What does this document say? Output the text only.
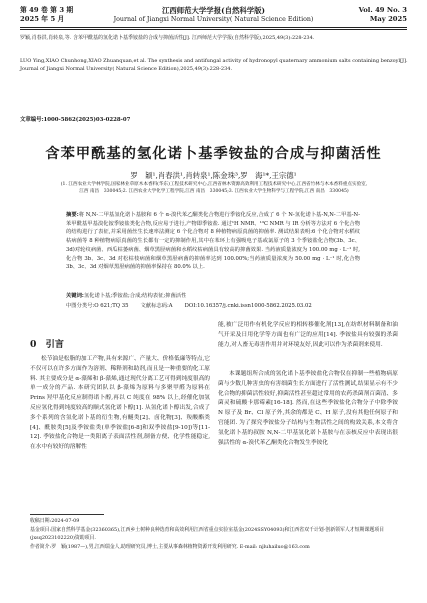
第 49 卷 第 3 期
2025 年 5 月
江西师范大学学报(自然科学版)
Journal of Jiangxi Normal University( Natural Science Edition)
Vol. 49 No. 3
May 2025
罗颖,肖春洪,肖转泉,等. 含苯甲酰基的氢化诺卜基季铵盐的合成与抑菌活性[J]. 江西师范大学学报(自然科学版),2025,49(3):228-234.
LUO Ying,XIAO Chunhong,XIAO Zhuanquan,et al. The synthesis and antifungal activity of hydronopyl quaternary ammonium salts containing benzoyl[J]. Journal of Jiangxi Normal University( Natural Science Edition),2025,49(3):228-234.
文章编号:1000-5862(2025)03-0228-07
含苯甲酰基的氢化诺卜基季铵盐的合成与抑菌活性
罗　颖¹,肖春洪¹,肖转泉¹,陈金珠³,罗　海¹*,王宗德¹
(1. 江西农业大学林学院,国家林业草原木本香料(华东)工程技术研究中心,江西省林木资源高效利用工程技术研究中心,江西省竹林与木本香料重点实验室,
江西 南昌　330045;2. 江西农业大学化学工程学院,江西 南昌　330045;3. 江西农业大学生物科学与工程学院,江西 南昌　330045)
摘要:将 N,N-二甲基氢化诺卜基胺和 6 个 α-溴代苯乙酮类化合物进行季铵化反应,合成了 6 个 N-氢化诺卜基-N,N-二甲基-N-苯甲酰基甲基溴化铵季铵盐类化合物,反应易于进行,产物即季铵盐. 通过¹H NMR、¹³C NMR 与 IR 分析等方法对 6 个化合物的结构进行了表征,并采用菌丝生长速率法测定 6 个化合物对 8 种植物病原真菌的抑菌率. 测试结果表明:6 个化合物对水稻纹枯病菌等 8 种植物病原真菌的生长都有一定的抑制作用,其中在苯环上有强吸电子基或氯原子的 3 个季铵盐化合物(3b、3c、3d)对轮纹病菌、西瓜枯萎病菌、烟草黑胫病菌和水稻纹枯病菌具有较高的抑菌效果. 当药液质量浓度为 100.00 mg · L⁻¹ 时,化合物 3b、3c、3d 对松枯枝病菌和烟草黑胫病菌的抑菌率达到 100.00%;当药液质量浓度为 50.00 mg · L⁻¹ 时,化合物 3b、3c、3d 对烟草黑胫病菌的抑菌率保持在 80.0% 以上.
关键词:氢化诺卜基;季铵盐;合成;结构表征;抑菌活性
中图分类号:O 621;TQ 35 文献标志码:A DOI:10.16357/j.cnki.issn1000-5862.2025.03.02
0　引言
松节油是松脂的加工产物,具有来源广、产量大、价格低廉等特点,它不仅可以在许多方面作为溶剂、稀释剂和助剂,而且是一种重要的化工原料. 其主要成分是 α-蒎烯和 β-蒎烯,通过现代分离工艺可得到纯度很高的单一成分的产品. 本研究团队以 β-蒎烯为原料与多聚甲醛为原料在 Prins 羟甲基化反应制得诺卜醇,再以 C 纯度在 98% 以上,经催化加氢反应氢化得到纯度较高的顺式氢化诺卜醇[1]. 从氢化诺卜醇出发,合成了多个系列的含氢化诺卜基的衍生物,有醚类[2]、卤化物[3]、羧酸酯类[4]、酰胺类[5]及季铵盐类(单季铵盐[6-8]和双季铵盐[9-10])等[11-12]. 季铵盐化合物是一类阳离子表面活性剂,制备方便、化学性能稳定,在水中有较好的溶解性
能,被广泛用作有机化学反应的相转移催化剂[13],在纺织材料制备和油气开采及日用化学等方面也有广泛的应用[14]. 季铵盐具有较强的杀菌能力,对人畜无毒害作用并对环境友好,因此可以作为杀菌剂来使用.
本课题组所合成的氢化诺卜基季铵盐化合物仅在抑制一些植物病原菌与少数几种害虫的有害细菌生长方面进行了活性测试,结果显示有不少化合物的抑菌活性较好,抑菌活性甚至超过常用的农药杀菌剂百菌清、多菌灵和硫酸卡那霉素[16-18]. 然而,在这些季铵盐化合物分子中除季铵 N 原子及 Br、Cl 原子外,其余的都是 C、H 原子,没有其他任何原子和官能团. 为了探究季铵盐分子结构与生物活性之间的构效关系,本文将含氢化诺卜基的叔胺 N,N-二甲基氢化诺卜基胺与在亲核反应中表现出很强活性的 α-溴代苯乙酮类化合物发生季铵化
收稿日期:2024-07-09
基金项目:国家自然科学基金(32360365),江西乡土树种良种选育和高效利用江西省重点实验室基金(2024SSY04093)和江西省双千计划-创新领军人才短期课题项目(jxsq2023102220)资助项目.
作者简介:罗　颖(1987—),男,江西瑞金人,助理研究员,博士,主要从事森林植物资源开发利用研究. E-mail: njluhailuo@163.com
